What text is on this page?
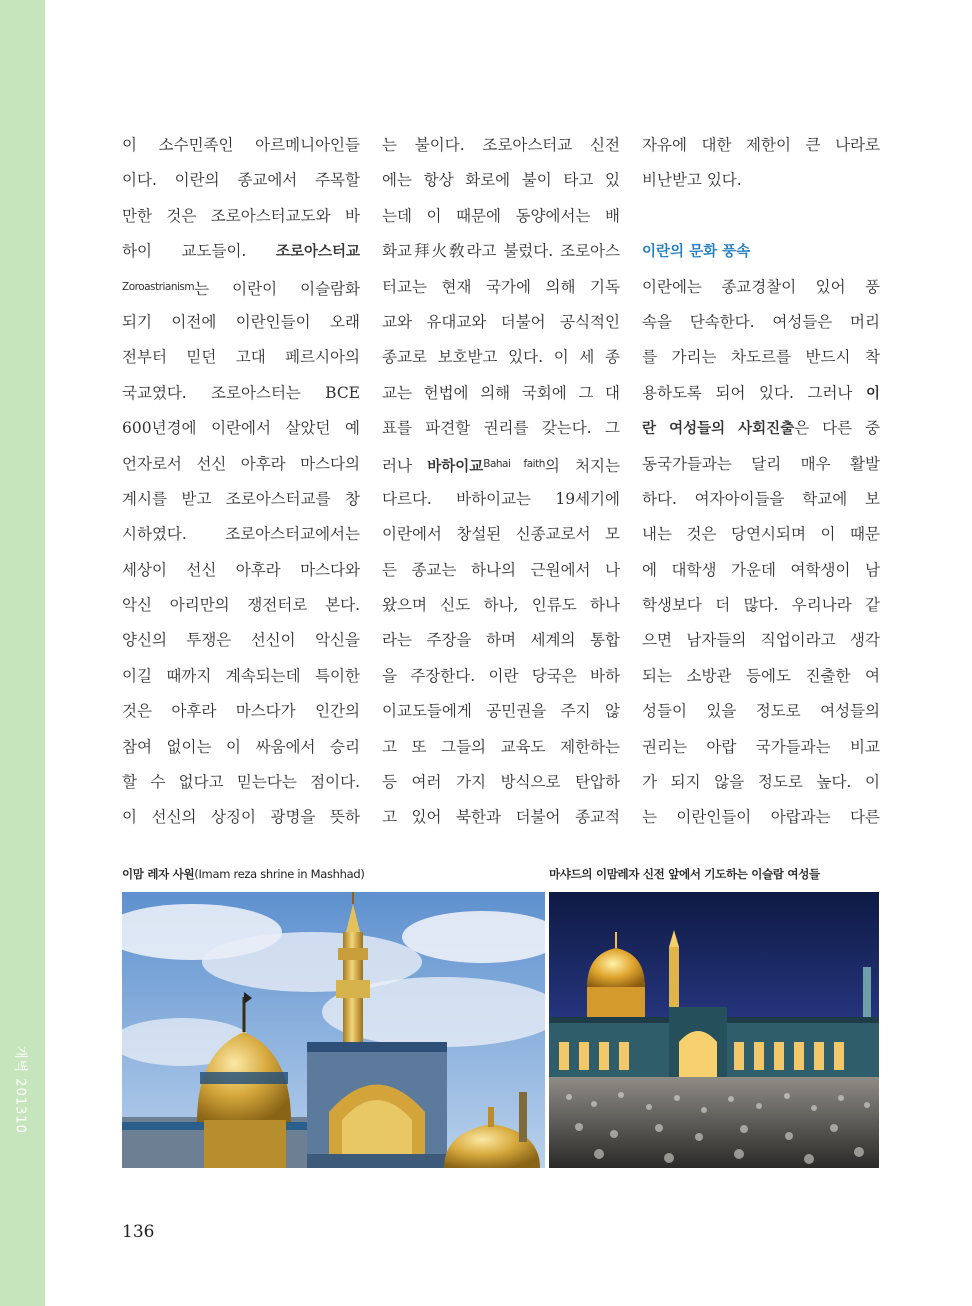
개벽 201310
이 소수민족인 아르메니아인들
이다. 이란의 종교에서 주목할
만한 것은 조로아스터교도와 바
하이 교도들이. 조로아스터교
$^{Zoroastrianism}$는 이란이 이슬람화
되기 이전에 이란인들이 오래
전부터 믿던 고대 페르시아의
국교였다. 조로아스터는 BCE
600년경에 이란에서 살았던 예
언자로서 선신 아후라 마스다의
계시를 받고 조로아스터교를 창
시하였다. 조로아스터교에서는
세상이 선신 아후라 마스다와
악신 아리만의 쟁전터로 본다.
양신의 투쟁은 선신이 악신을
이길 때까지 계속되는데 특이한
것은 아후라 마스다가 인간의
참여 없이는 이 싸움에서 승리
할 수 없다고 믿는다는 점이다.
이 선신의 상징이 광명을 뜻하
는 불이다. 조로아스터교 신전
에는 항상 화로에 불이 타고 있
는데 이 때문에 동양에서는 배
화교拜火敎라고 불렀다. 조로아스
터교는 현재 국가에 의해 기독
교와 유대교와 더불어 공식적인
종교로 보호받고 있다. 이 세 종
교는 헌법에 의해 국회에 그 대
표를 파견할 권리를 갖는다. 그
러나 바하이교$^{Bahai faith}$의 처지는
다르다. 바하이교는 19세기에
이란에서 창설된 신종교로서 모
든 종교는 하나의 근원에서 나
왔으며 신도 하나, 인류도 하나
라는 주장을 하며 세계의 통합
을 주장한다. 이란 당국은 바하
이교도들에게 공민권을 주지 않
고 또 그들의 교육도 제한하는
등 여러 가지 방식으로 탄압하
고 있어 북한과 더불어 종교적
자유에 대한 제한이 큰 나라로
비난받고 있다.
이란의 문화 풍속
이란에는 종교경찰이 있어 풍
속을 단속한다. 여성들은 머리
를 가리는 차도르를 반드시 착
용하도록 되어 있다. 그러나 이
란 여성들의 사회진출은 다른 중
동국가들과는 달리 매우 활발
하다. 여자아이들을 학교에 보
내는 것은 당연시되며 이 때문
에 대학생 가운데 여학생이 남
학생보다 더 많다. 우리나라 같
으면 남자들의 직업이라고 생각
되는 소방관 등에도 진출한 여
성들이 있을 정도로 여성들의
권리는 아랍 국가들과는 비교
가 되지 않을 정도로 높다. 이
는 이란인들이 아랍과는 다른
이맘 레자 사원(Imam reza shrine in Mashhad)	마샤드의 이맘레자 신전 앞에서 기도하는 이슬람 여성들
136
